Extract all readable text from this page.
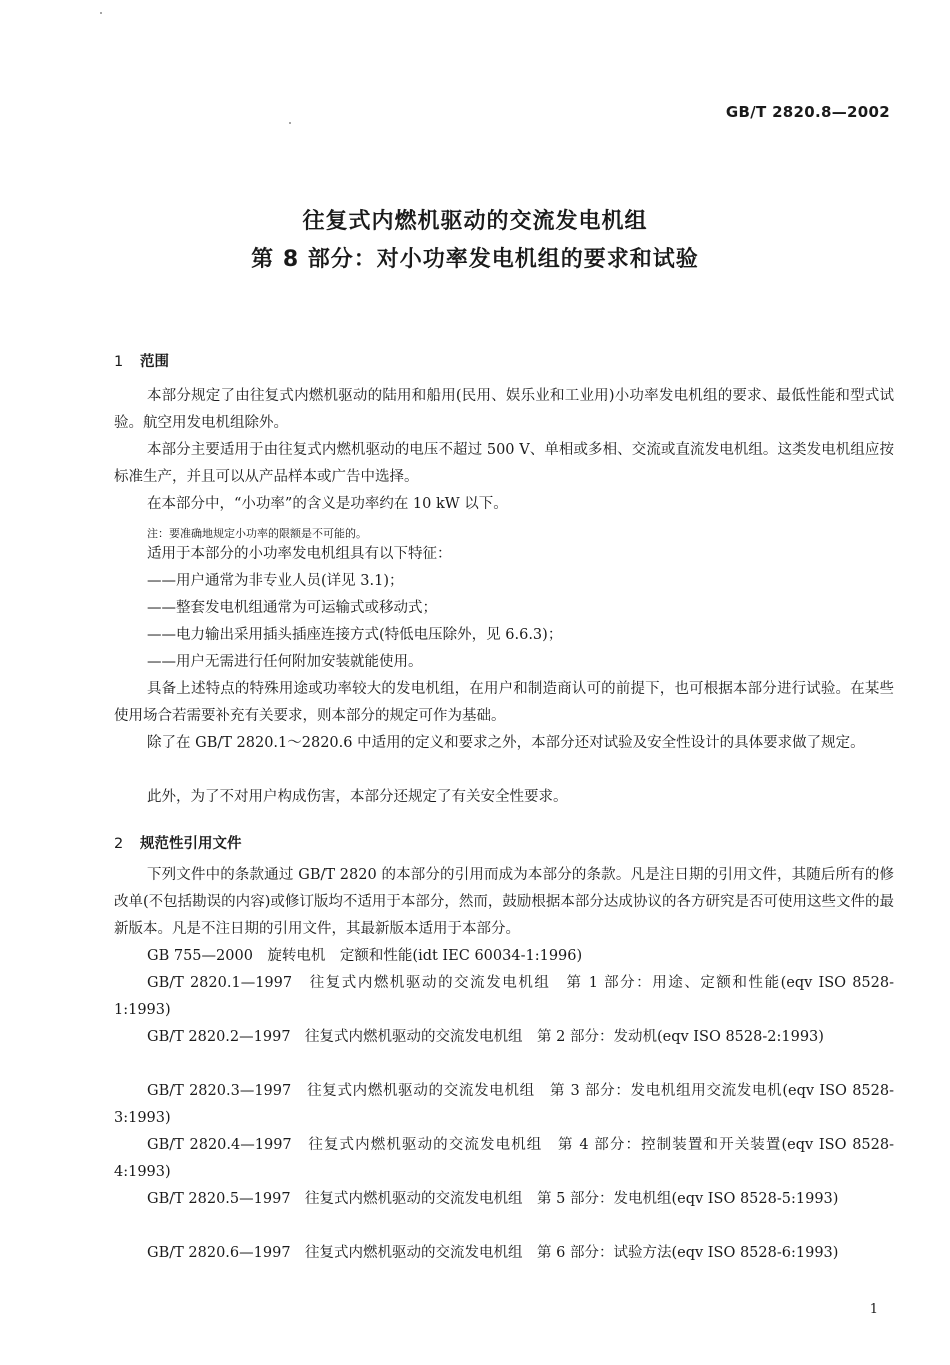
GB/T 2820.8—2002
往复式内燃机驱动的交流发电机组
第 8 部分：对小功率发电机组的要求和试验
1 范围

本部分规定了由往复式内燃机驱动的陆用和船用(民用、娱乐业和工业用)小功率发电机组的要求、最低性能和型式试验。航空用发电机组除外。

本部分主要适用于由往复式内燃机驱动的电压不超过 500 V、单相或多相、交流或直流发电机组。这类发电机组应按标准生产，并且可以从产品样本或广告中选择。

在本部分中，“小功率”的含义是功率约在 10 kW 以下。

注：要准确地规定小功率的限额是不可能的。

适用于本部分的小功率发电机组具有以下特征：

——用户通常为非专业人员(详见 3.1)；

——整套发电机组通常为可运输式或移动式；

——电力输出采用插头插座连接方式(特低电压除外，见 6.6.3)；

——用户无需进行任何附加安装就能使用。

具备上述特点的特殊用途或功率较大的发电机组，在用户和制造商认可的前提下，也可根据本部分进行试验。在某些使用场合若需要补充有关要求，则本部分的规定可作为基础。

除了在 GB/T 2820.1～2820.6 中适用的定义和要求之外，本部分还对试验及安全性设计的具体要求做了规定。

此外，为了不对用户构成伤害，本部分还规定了有关安全性要求。

2 规范性引用文件

下列文件中的条款通过 GB/T 2820 的本部分的引用而成为本部分的条款。凡是注日期的引用文件，其随后所有的修改单(不包括勘误的内容)或修订版均不适用于本部分，然而，鼓励根据本部分达成协议的各方研究是否可使用这些文件的最新版本。凡是不注日期的引用文件，其最新版本适用于本部分。

GB 755—2000　旋转电机　定额和性能(idt IEC 60034-1:1996)

GB/T 2820.1—1997　往复式内燃机驱动的交流发电机组　第 1 部分：用途、定额和性能(eqv ISO 8528-1:1993)

GB/T 2820.2—1997　往复式内燃机驱动的交流发电机组　第 2 部分：发动机(eqv ISO 8528-2:1993)

GB/T 2820.3—1997　往复式内燃机驱动的交流发电机组　第 3 部分：发电机组用交流发电机(eqv ISO 8528-3:1993)

GB/T 2820.4—1997　往复式内燃机驱动的交流发电机组　第 4 部分：控制装置和开关装置(eqv ISO 8528-4:1993)

GB/T 2820.5—1997　往复式内燃机驱动的交流发电机组　第 5 部分：发电机组(eqv ISO 8528-5:1993)

GB/T 2820.6—1997　往复式内燃机驱动的交流发电机组　第 6 部分：试验方法(eqv ISO 8528-6:1993)

1
